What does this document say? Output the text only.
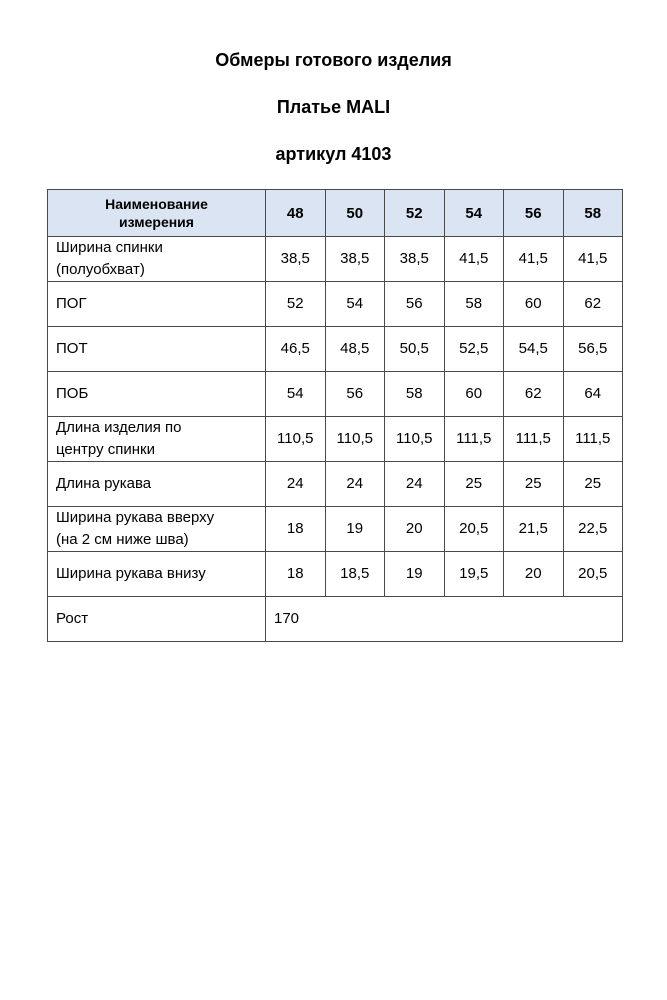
Обмеры готового изделия
Платье MALI
артикул 4103
Наименование
измерения	48	50	52	54	56	58

Ширина спинки
(полуобхват)	38,5	38,5	38,5	41,5	41,5	41,5
ПОГ	52	54	56	58	60	62
ПОТ	46,5	48,5	50,5	52,5	54,5	56,5
ПОБ	54	56	58	60	62	64

Длина изделия по
центру спинки	110,5	110,5	110,5	111,5	111,5	111,5
Длина рукава	24	24	24	25	25	25

Ширина рукава вверху
(на 2 см ниже шва)	18	19	20	20,5	21,5	22,5
Ширина рукава внизу	18	18,5	19	19,5	20	20,5
Рост	170					
